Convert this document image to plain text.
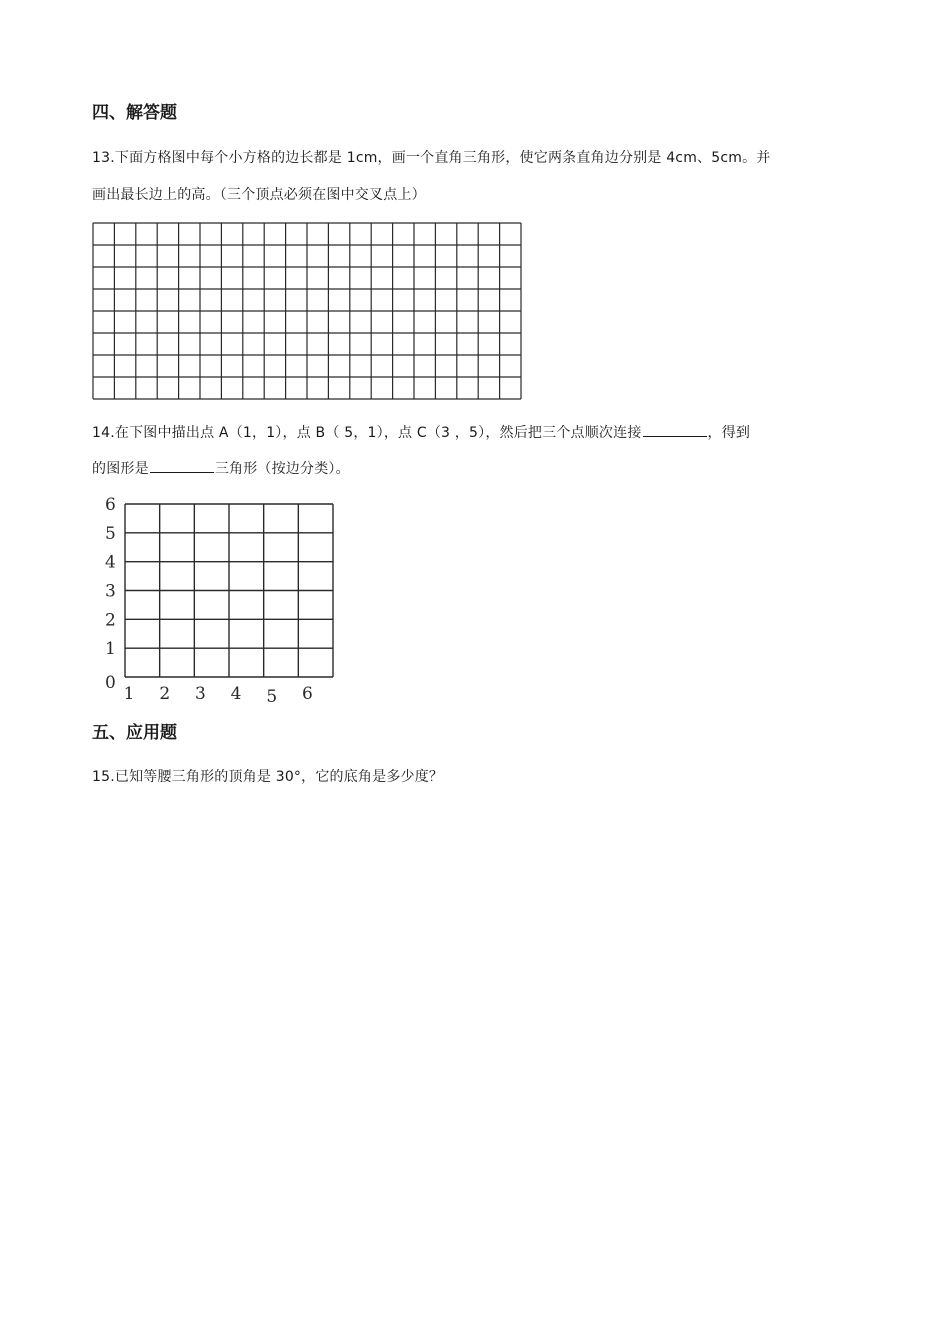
四、解答题
13.下面方格图中每个小方格的边长都是 1cm，画一个直角三角形，使它两条直角边分别是 4cm、5cm。并
画出最长边上的高。（三个顶点必须在图中交叉点上）
14.在下图中描出点 A（1，1），点 B（ 5，1），点 C（3 ，5），然后把三个点顺次连接	，得到
的图形是	三角形（按边分类）。
0
1
2
3
4
5
6
1 2 3 4 5 6
五、应用题
15.已知等腰三角形的顶角是 30°，它的底角是多少度？
